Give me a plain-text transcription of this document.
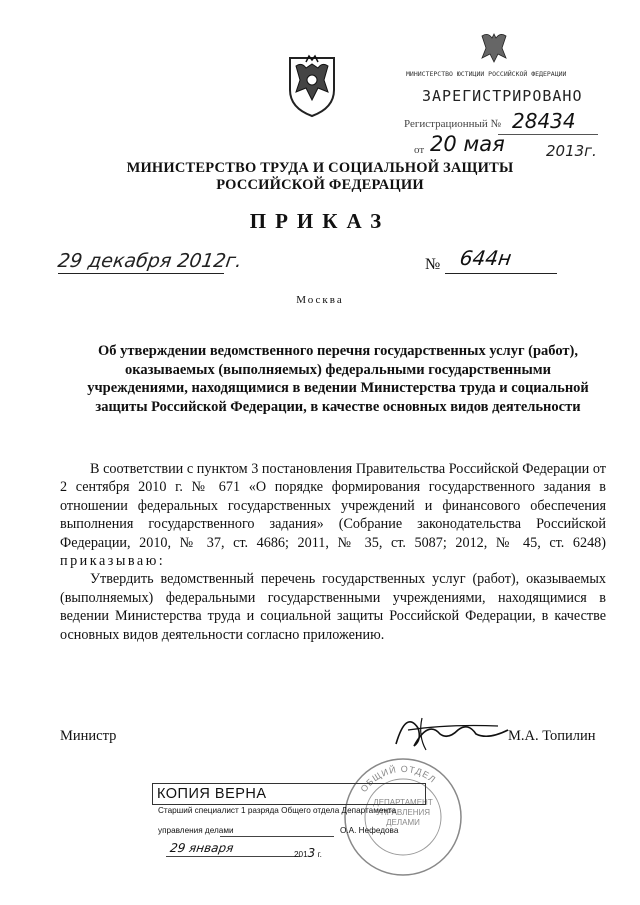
МИНИСТЕРСТВО ЮСТИЦИИ РОССИЙСКОЙ ФЕДЕРАЦИИ
ЗАРЕГИСТРИРОВАНО
Регистрационный № 28434
от 20 мая	2013г.
МИНИСТЕРСТВО ТРУДА И СОЦИАЛЬНОЙ ЗАЩИТЫ
РОССИЙСКОЙ ФЕДЕРАЦИИ
ПРИКАЗ
29 декабря 2012г.	№ 644н
Москва
Об утверждении ведомственного перечня государственных услуг (работ), оказываемых (выполняемых) федеральными государственными учреждениями, находящимися в ведении Министерства труда и социальной защиты Российской Федерации, в качестве основных видов деятельности

В соответствии с пунктом 3 постановления Правительства Российской Федерации от 2 сентября 2010 г. № 671 «О порядке формирования государственного задания в отношении федеральных государственных учреждений и финансового обеспечения выполнения государственного задания» (Собрание законодательства Российской Федерации, 2010, № 37, ст. 4686; 2011, № 35, ст. 5087; 2012, № 45, ст. 6248) приказываю:

Утвердить ведомственный перечень государственных услуг (работ), оказываемых (выполняемых) федеральными государственными учреждениями, находящимися в ведении Министерства труда и социальной защиты Российской Федерации, в качестве основных видов деятельности согласно приложению.

Министр	М.А. Топилин
ОБЩИЙ ОТДЕЛ
ДЕПАРТАМЕНТ УПРАВЛЕНИЯ ДЕЛАМИ
КОПИЯ ВЕРНА
Старший специалист 1 разряда Общего отдела Департамента
управления делами	О.А. Нефедова
29 января	2013 г.
